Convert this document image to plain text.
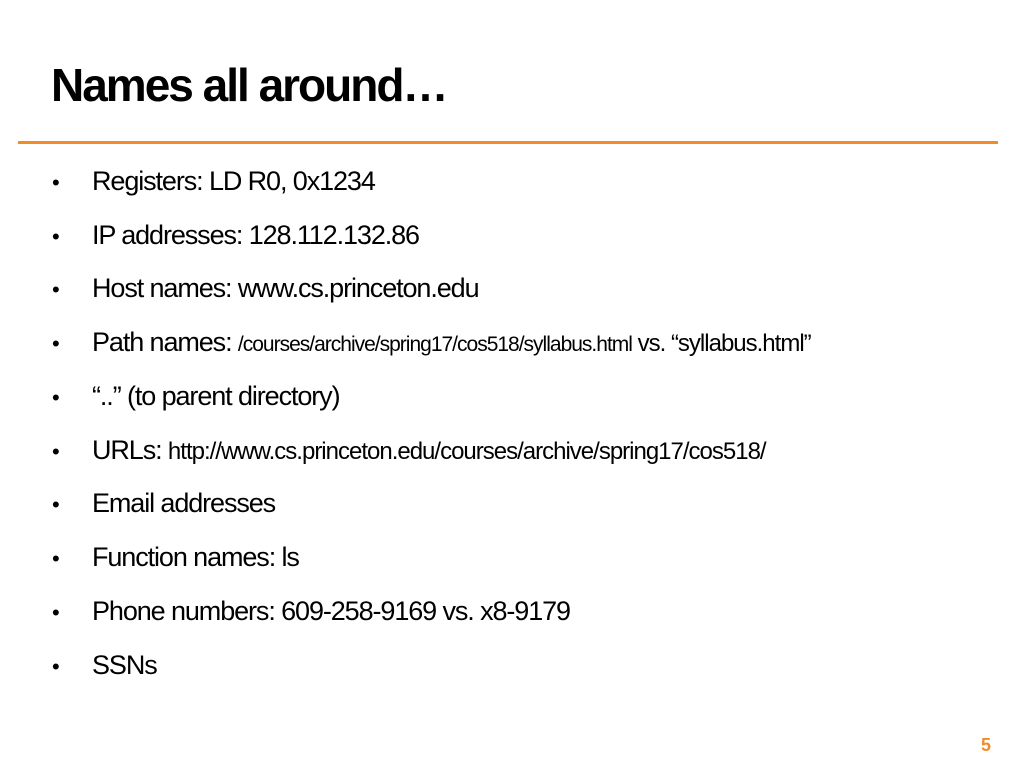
Names all around…
• Registers: LD R0, 0x1234
• IP addresses: 128.112.132.86
• Host names: www.cs.princeton.edu
• Path names: /courses/archive/spring17/cos518/syllabus.html vs. “syllabus.html”
• “..” (to parent directory)
• URLs: http://www.cs.princeton.edu/courses/archive/spring17/cos518/
• Email addresses
• Function names: ls
• Phone numbers: 609-258-9169 vs. x8-9179
• SSNs
5
